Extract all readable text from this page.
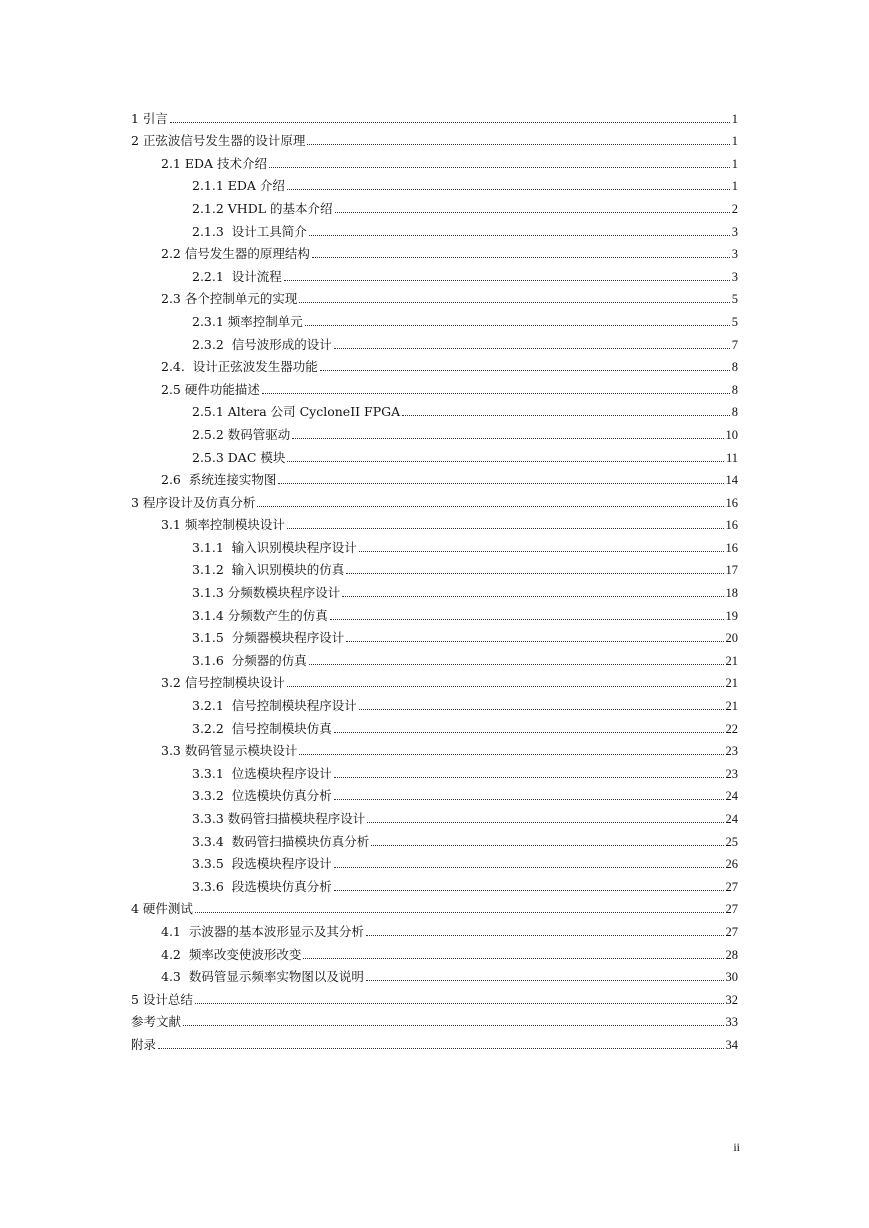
1 引言	1
2 正弦波信号发生器的设计原理	1
2.1 EDA 技术介绍	1
2.1.1 EDA 介绍	1
2.1.2 VHDL 的基本介绍	2
2.1.3  设计工具简介	3
2.2 信号发生器的原理结构	3
2.2.1  设计流程	3
2.3 各个控制单元的实现	5
2.3.1 频率控制单元	5
2.3.2  信号波形成的设计	7
2.4.  设计正弦波发生器功能	8
2.5 硬件功能描述	8
2.5.1 Altera 公司 CycloneII FPGA	8
2.5.2 数码管驱动	10
2.5.3 DAC 模块	11
2.6  系统连接实物图	14
3 程序设计及仿真分析	16
3.1 频率控制模块设计	16
3.1.1  输入识别模块程序设计	16
3.1.2  输入识别模块的仿真	17
3.1.3 分频数模块程序设计	18
3.1.4 分频数产生的仿真	19
3.1.5  分频器模块程序设计	20
3.1.6  分频器的仿真	21
3.2 信号控制模块设计	21
3.2.1  信号控制模块程序设计	21
3.2.2  信号控制模块仿真	22
3.3 数码管显示模块设计	23
3.3.1  位选模块程序设计	23
3.3.2  位选模块仿真分析	24
3.3.3 数码管扫描模块程序设计	24
3.3.4  数码管扫描模块仿真分析	25
3.3.5  段选模块程序设计	26
3.3.6  段选模块仿真分析	27
4 硬件测试	27
4.1  示波器的基本波形显示及其分析	27
4.2  频率改变使波形改变	28
4.3  数码管显示频率实物图以及说明	30
5 设计总结	32
参考文献	33
附录	34
ii
